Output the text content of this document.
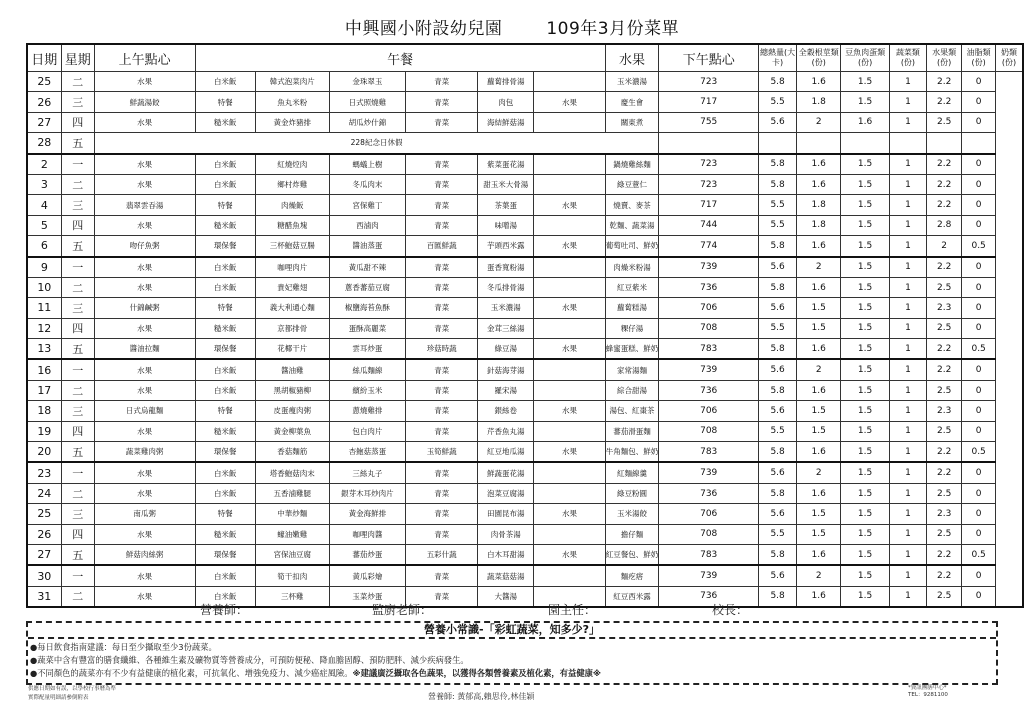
中興國小附設幼兒園	109年3月份菜單
日期	星期	上午點心	午餐						水果	下午點心	總熱量(大卡)	全穀根莖類(份)	豆魚肉蛋類(份)	蔬菜類(份)	水果類(份)	油脂類(份)	奶類(份)
25	二	水果	白米飯	韓式泡菜肉片	金珠翠玉	青菜	蘿蔔排骨湯		玉米濃湯	723	5.8	1.6	1.5	1	2.2	0	
26	三	鮮蔬湯餃	特餐	魚丸米粉	日式照燒雞	青菜	肉包	水果	慶生會	717	5.5	1.8	1.5	1	2.2	0	
27	四	水果	糙米飯	黃金炸豬排	胡瓜炒什錦	青菜	海結鮮菇湯		關東煮	755	5.6	2	1.6	1	2.5	0	
28	五	228紀念日休假															
2	一	水果	白米飯	紅燒焢肉	螞蟻上樹	青菜	紫菜蛋花湯		鍋燒雞絲麵	723	5.8	1.6	1.5	1	2.2	0	
3	二	水果	白米飯	鄉村炸雞	冬瓜肉末	青菜	甜玉米大骨湯		綠豆薏仁	723	5.8	1.6	1.5	1	2.2	0	
4	三	翡翠雲吞湯	特餐	肉燥飯	宮保雞丁	青菜	茶葉蛋	水果	燒賣、麥茶	717	5.5	1.8	1.5	1	2.2	0	
5	四	水果	糙米飯	糖醋魚塊	西滷肉	青菜	味噌湯		乾麵、蔬菜湯	744	5.5	1.8	1.5	1	2.8	0	
6	五	吻仔魚粥	環保餐	三杯鮑菇豆腸	醬油蒸蛋	百匯鮮蔬	芋頭西米露	水果	葡萄吐司、鮮奶	774	5.8	1.6	1.5	1	2	0.5	
9	一	水果	白米飯	咖哩肉片	黃瓜甜不辣	青菜	蛋香寬粉湯		肉燥米粉湯	739	5.6	2	1.5	1	2.2	0	
10	二	水果	白米飯	貴妃雞翅	蔥香蕃茄豆腐	青菜	冬瓜排骨湯		紅豆紫米	736	5.8	1.6	1.5	1	2.5	0	
11	三	什錦鹹粥	特餐	義大利通心麵	椒鹽海苔魚酥	青菜	玉米濃湯	水果	蘿蔔糕湯	706	5.6	1.5	1.5	1	2.3	0	
12	四	水果	糙米飯	京都排骨	蛋酥高麗菜	青菜	金茸三絲湯		粿仔湯	708	5.5	1.5	1.5	1	2.5	0	
13	五	醬油拉麵	環保餐	花椰干片	雲耳炒蛋	珍菇時蔬	綠豆湯	水果	蜂蜜蛋糕、鮮奶	783	5.8	1.6	1.5	1	2.2	0.5	
16	一	水果	白米飯	醬油雞	絲瓜麵線	青菜	針菇海芽湯		家常湯麵	739	5.6	2	1.5	1	2.2	0	
17	二	水果	白米飯	黑胡椒豬柳	繽紛玉米	青菜	羅宋湯		綜合甜湯	736	5.8	1.6	1.5	1	2.5	0	
18	三	日式烏龍麵	特餐	皮蛋瘦肉粥	蔥燒雞排	青菜	銀絲卷	水果	湯包、紅棗茶	706	5.6	1.5	1.5	1	2.3	0	
19	四	水果	糙米飯	黃金柳葉魚	包白肉片	青菜	芹香魚丸湯		蕃茄滑蛋麵	708	5.5	1.5	1.5	1	2.5	0	
20	五	蔬菜雞肉粥	環保餐	香菇麵筋	杏鮑菇蒸蛋	玉筍鮮蔬	紅豆地瓜湯	水果	牛角麵包、鮮奶	783	5.8	1.6	1.5	1	2.2	0.5	
23	一	水果	白米飯	塔香鮑菇肉末	三絲丸子	青菜	鮮蔬蛋花湯		紅麵線羹	739	5.6	2	1.5	1	2.2	0	
24	二	水果	白米飯	五香滷雞腿	銀芽木耳炒肉片	青菜	泡菜豆腐湯		綠豆粉圓	736	5.8	1.6	1.5	1	2.5	0	
25	三	南瓜粥	特餐	中華炒麵	黃金海鮮排	青菜	田園昆布湯	水果	玉米湯餃	706	5.6	1.5	1.5	1	2.3	0	
26	四	水果	糙米飯	蠔油嫩雞	咖哩肉醬	青菜	肉骨茶湯		擔仔麵	708	5.5	1.5	1.5	1	2.5	0	
27	五	鮮菇肉絲粥	環保餐	宮保油豆腐	蕃茄炒蛋	五彩什蔬	白木耳甜湯	水果	紅豆餐包、鮮奶	783	5.8	1.6	1.5	1	2.2	0.5	
30	一	水果	白米飯	筍干扣肉	黃瓜彩燴	青菜	蔬菜菇菇湯		麵疙瘩	739	5.6	2	1.5	1	2.2	0	
31	二	水果	白米飯	三杯雞	玉菜炒蛋	青菜	大醬湯		紅豆西米露	736	5.8	1.6	1.5	1	2.5	0	
營養師：	監廚老師：	園主任：	校長：
營養小常識-「彩虹蔬菜，知多少?」
●每日飲食指南建議：每日至少攝取至少3份蔬菜。
●蔬菜中含有豐富的膳食纖維、各種維生素及礦物質等營養成分，可預防便秘、降血膽固醇、預防肥胖、減少疾病發生。
●不同顏色的蔬菜亦有不少有益健康的植化素，可抗氧化、增強免疫力、減少癌症風險。※建議廣泛攝取各色蔬果，以獲得各類營養素及植化素，有益健康※
供應日期如有誤，以學校行事曆為準
實際配量明細請參倒附表	營養師: 黃郁高,賴思伶,林佳穎
*資訊團膳中心*
TEL：9281100
